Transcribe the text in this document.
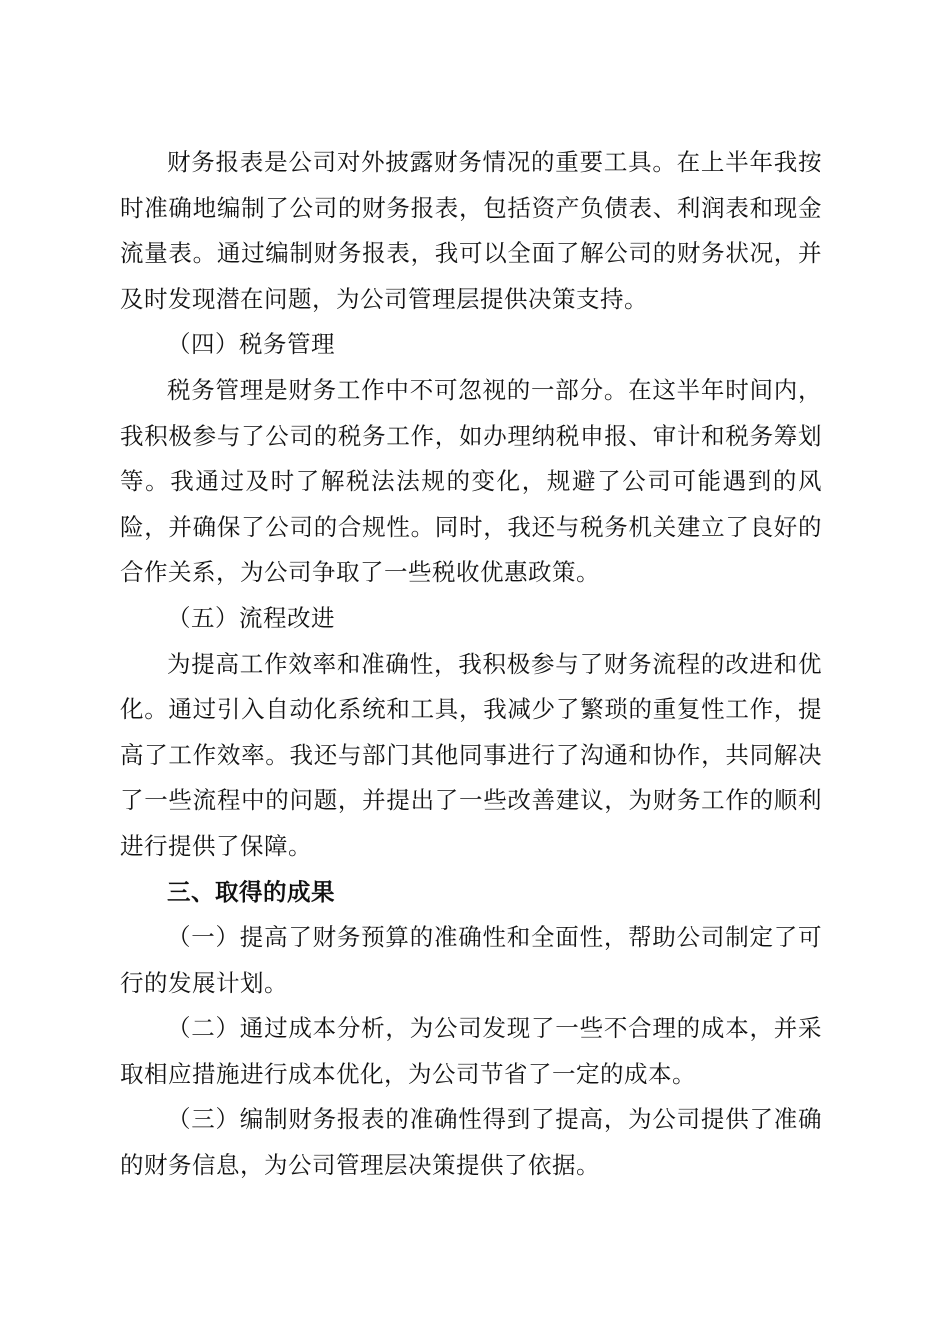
财务报表是公司对外披露财务情况的重要工具。在上半年我按时准确地编制了公司的财务报表，包括资产负债表、利润表和现金流量表。通过编制财务报表，我可以全面了解公司的财务状况，并及时发现潜在问题，为公司管理层提供决策支持。

（四）税务管理

税务管理是财务工作中不可忽视的一部分。在这半年时间内，我积极参与了公司的税务工作，如办理纳税申报、审计和税务筹划等。我通过及时了解税法法规的变化，规避了公司可能遇到的风险，并确保了公司的合规性。同时，我还与税务机关建立了良好的合作关系，为公司争取了一些税收优惠政策。

（五）流程改进

为提高工作效率和准确性，我积极参与了财务流程的改进和优化。通过引入自动化系统和工具，我减少了繁琐的重复性工作，提高了工作效率。我还与部门其他同事进行了沟通和协作，共同解决了一些流程中的问题，并提出了一些改善建议，为财务工作的顺利进行提供了保障。

三、取得的成果

（一）提高了财务预算的准确性和全面性，帮助公司制定了可行的发展计划。

（二）通过成本分析，为公司发现了一些不合理的成本，并采取相应措施进行成本优化，为公司节省了一定的成本。

（三）编制财务报表的准确性得到了提高，为公司提供了准确的财务信息，为公司管理层决策提供了依据。
